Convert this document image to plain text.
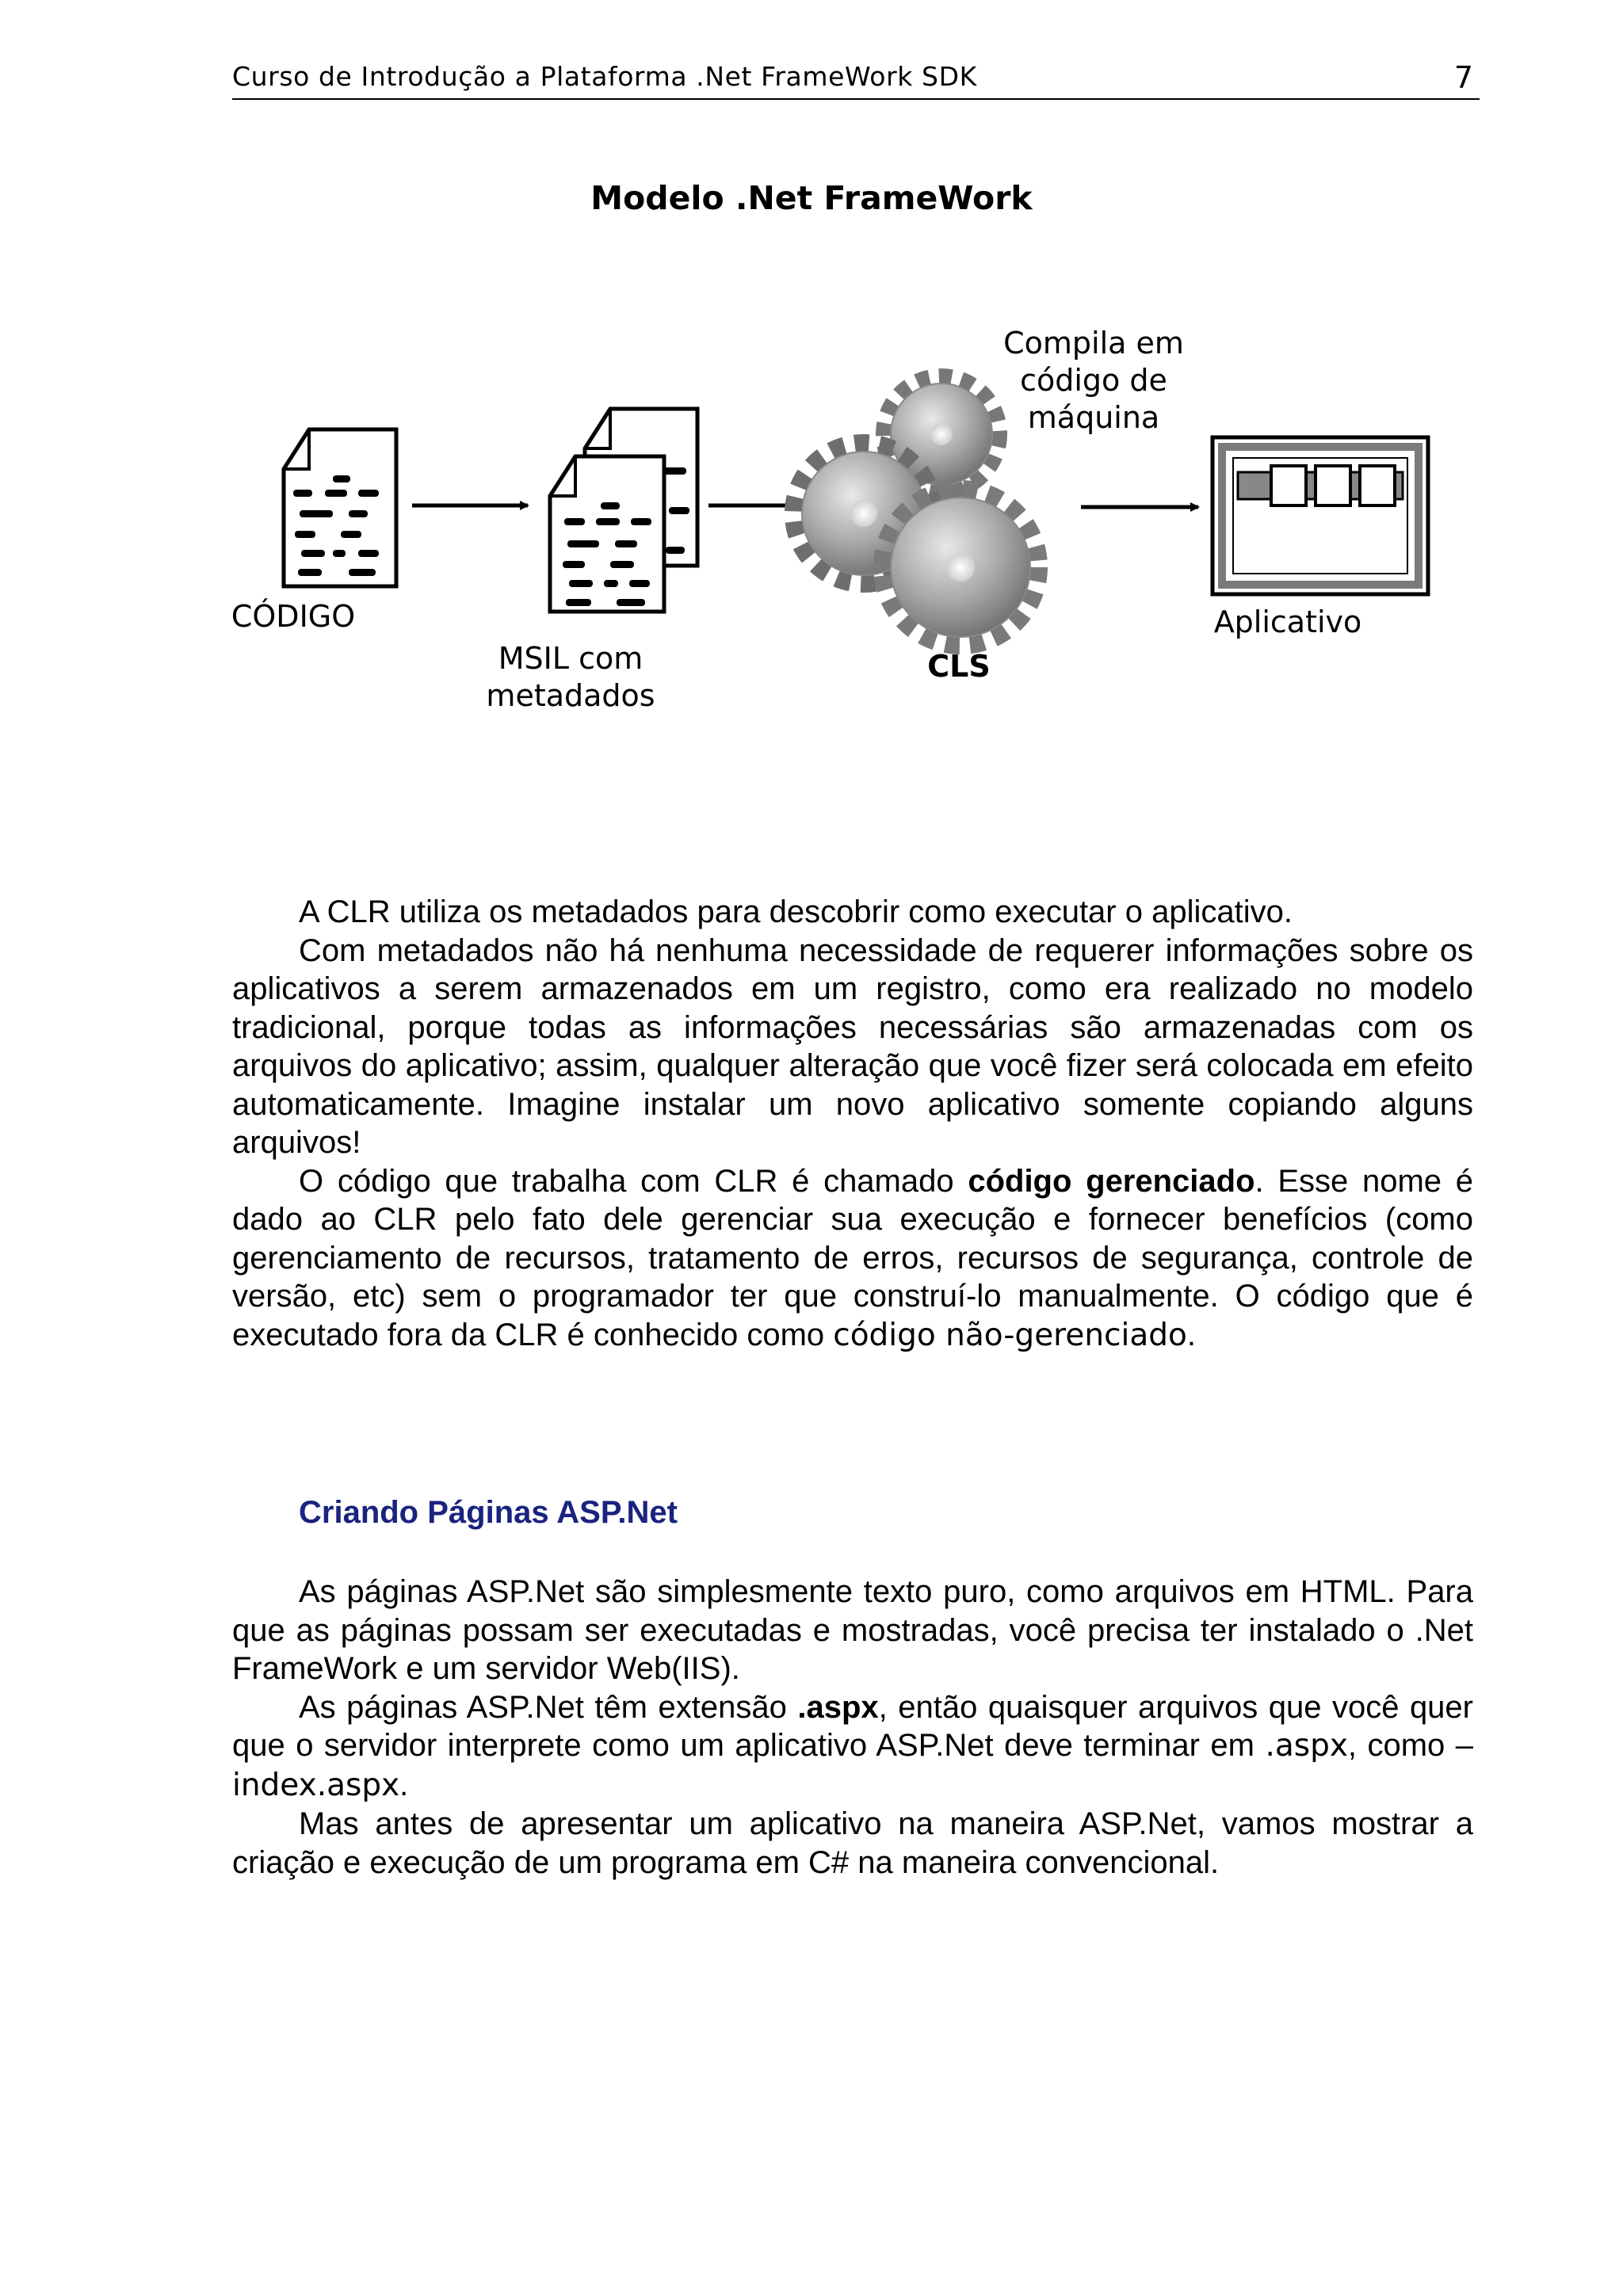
Curso de Introdução a Plataforma .Net FrameWork SDK	7
Modelo .Net FrameWork
CÓDIGO
MSIL com
metadados
CLS
Compila em
código de
máquina
Aplicativo

A CLR utiliza os metadados para descobrir como executar o aplicativo.

Com metadados não há nenhuma necessidade de requerer informações sobre os aplicativos a serem armazenados em um registro, como era realizado no modelo tradicional, porque todas as informações necessárias são armazenadas com os arquivos do aplicativo; assim, qualquer alteração que você fizer será colocada em efeito automaticamente. Imagine instalar um novo aplicativo somente copiando alguns arquivos!

O código que trabalha com CLR é chamado código gerenciado. Esse nome é dado ao CLR pelo fato dele gerenciar sua execução e fornecer benefícios (como gerenciamento de recursos, tratamento de erros, recursos de segurança, controle de versão, etc) sem o programador ter que construí-lo manualmente. O código que é executado fora da CLR é conhecido como código não-gerenciado.

Criando Páginas ASP.Net

As páginas ASP.Net são simplesmente texto puro, como arquivos em HTML. Para que as páginas possam ser executadas e mostradas, você precisa ter instalado o .Net FrameWork e um servidor Web(IIS).

As páginas ASP.Net têm extensão .aspx, então quaisquer arquivos que você quer que o servidor interprete como um aplicativo ASP.Net deve terminar em .aspx, como – index.aspx.

Mas antes de apresentar um aplicativo na maneira ASP.Net, vamos mostrar a criação e execução de um programa em C# na maneira convencional.
